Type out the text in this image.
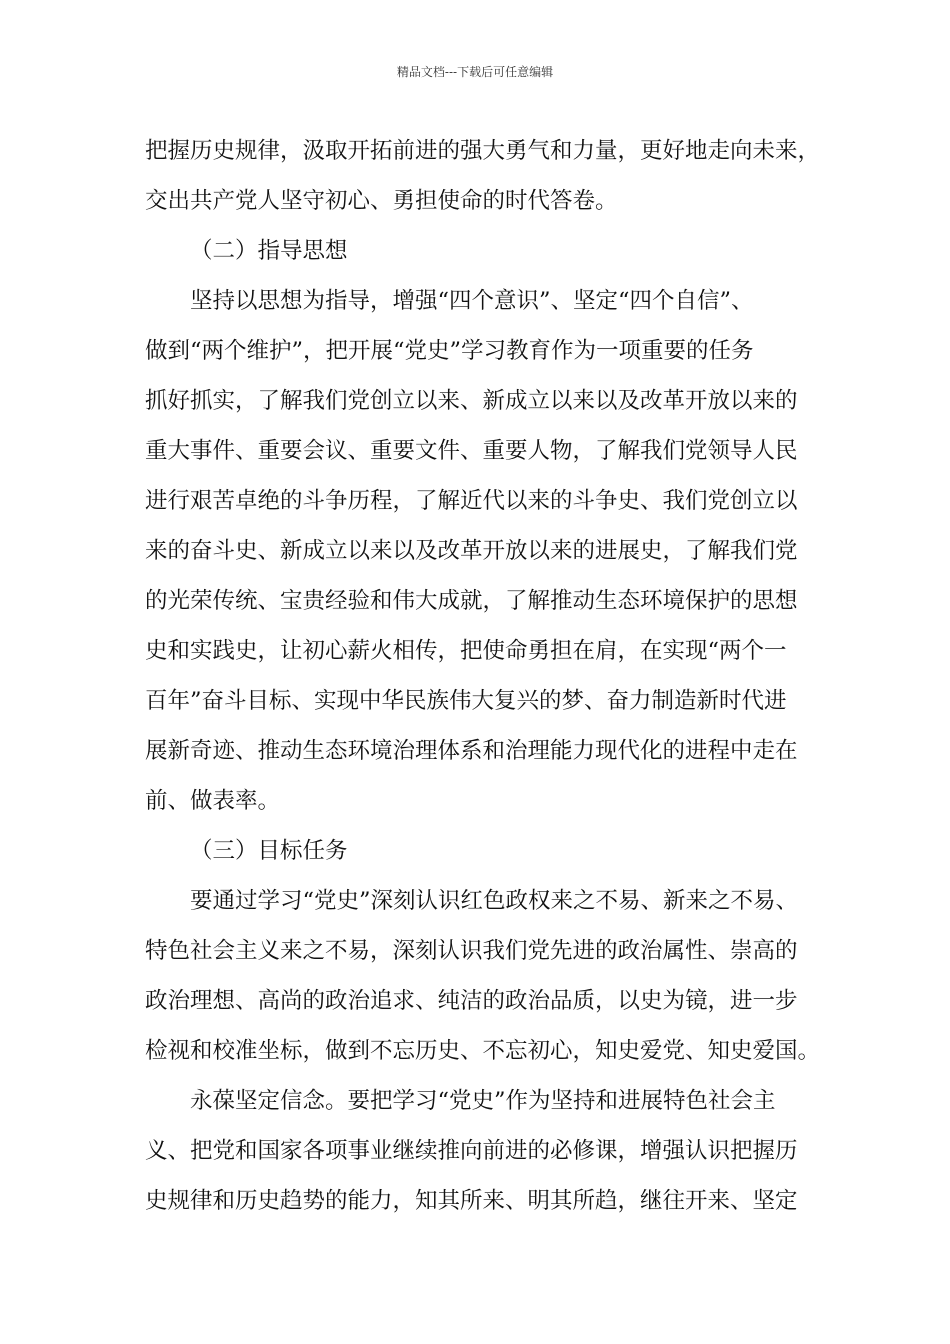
精品文档---下载后可任意编辑
把握历史规律，汲取开拓前进的强大勇气和力量，更好地走向未来，
交出共产党人坚守初心、勇担使命的时代答卷。
（二）指导思想
坚持以思想为指导，增强“四个意识”、坚定“四个自信”、
做到“两个维护”，把开展“党史”学习教育作为一项重要的任务
抓好抓实，了解我们党创立以来、新成立以来以及改革开放以来的
重大事件、重要会议、重要文件、重要人物，了解我们党领导人民
进行艰苦卓绝的斗争历程，了解近代以来的斗争史、我们党创立以
来的奋斗史、新成立以来以及改革开放以来的进展史，了解我们党
的光荣传统、宝贵经验和伟大成就，了解推动生态环境保护的思想
史和实践史，让初心薪火相传，把使命勇担在肩，在实现“两个一
百年”奋斗目标、实现中华民族伟大复兴的梦、奋力制造新时代进
展新奇迹、推动生态环境治理体系和治理能力现代化的进程中走在
前、做表率。
（三）目标任务
要通过学习“党史”深刻认识红色政权来之不易、新来之不易、
特色社会主义来之不易，深刻认识我们党先进的政治属性、崇高的
政治理想、高尚的政治追求、纯洁的政治品质，以史为镜，进一步
检视和校准坐标，做到不忘历史、不忘初心，知史爱党、知史爱国。
永葆坚定信念。要把学习“党史”作为坚持和进展特色社会主
义、把党和国家各项事业继续推向前进的必修课，增强认识把握历
史规律和历史趋势的能力，知其所来、明其所趋，继往开来、坚定
